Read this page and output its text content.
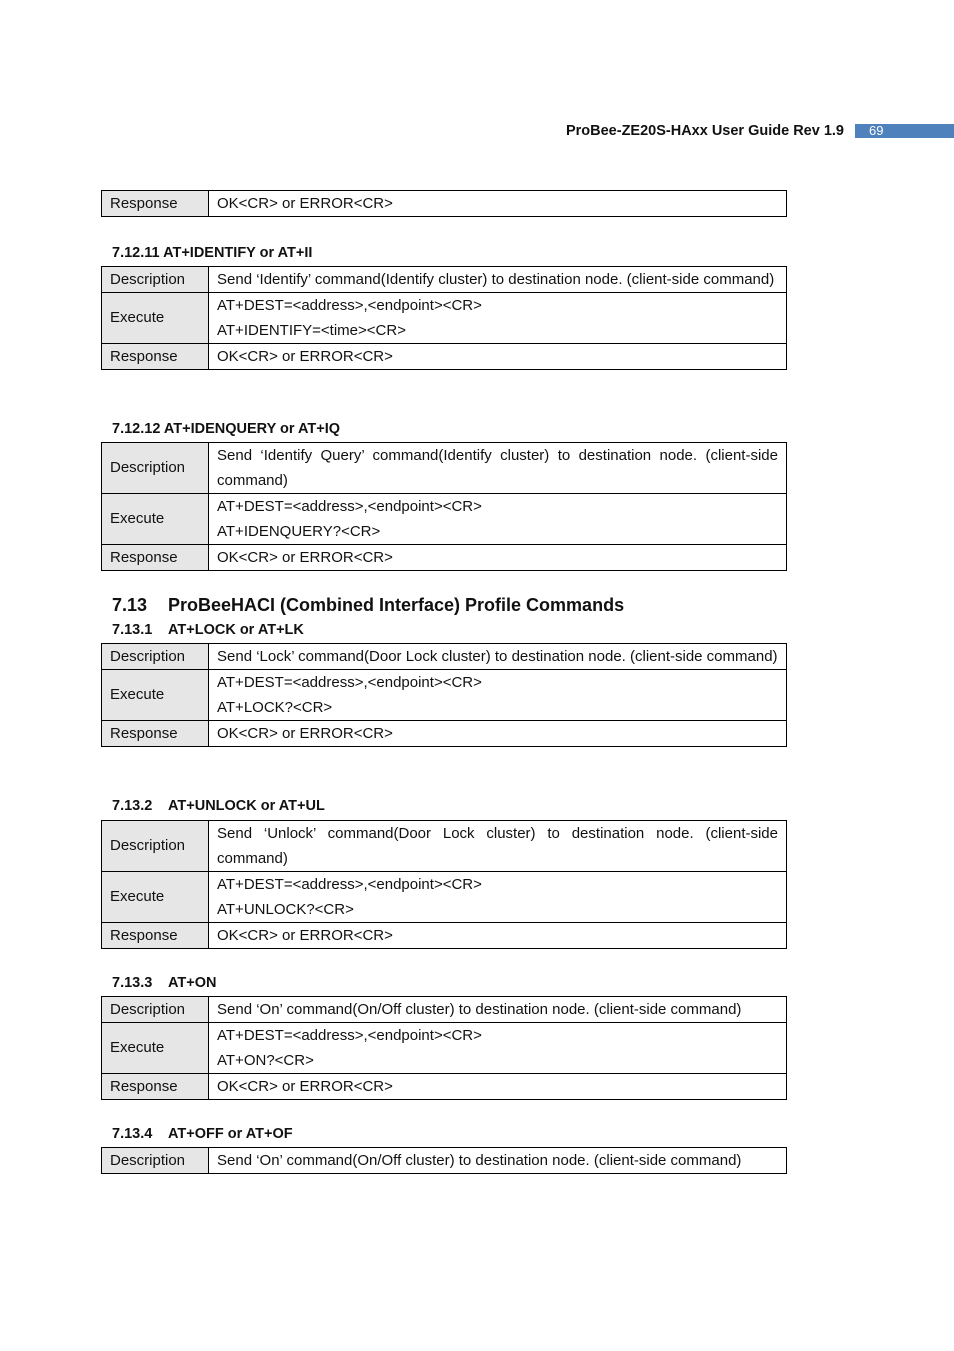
ProBee-ZE20S-HAxx User Guide Rev 1.9	69
Response	OK<CR> or ERROR<CR>
7.12.11 AT+IDENTIFY or AT+II
Description	Send ‘Identify’ command(Identify cluster) to destination node. (client-side command)
Execute	AT+DEST=<address>,<endpoint><CR>
AT+IDENTIFY=<time><CR>

Response	OK<CR> or ERROR<CR>
7.12.12 AT+IDENQUERY or AT+IQ
Description	Send ‘Identify Query’ command(Identify cluster) to destination node. (client-side command)
Execute	AT+DEST=<address>,<endpoint><CR>
AT+IDENQUERY?<CR>

Response	OK<CR> or ERROR<CR>
7.13 ProBeeHACI (Combined Interface) Profile Commands
7.13.1 AT+LOCK or AT+LK
Description	Send ‘Lock’ command(Door Lock cluster) to destination node. (client-side command)
Execute	AT+DEST=<address>,<endpoint><CR>
AT+LOCK?<CR>

Response	OK<CR> or ERROR<CR>
7.13.2 AT+UNLOCK or AT+UL
Description	Send ‘Unlock’ command(Door Lock cluster) to destination node. (client-side command)
Execute	AT+DEST=<address>,<endpoint><CR>
AT+UNLOCK?<CR>

Response	OK<CR> or ERROR<CR>
7.13.3 AT+ON
Description	Send ‘On’ command(On/Off cluster) to destination node. (client-side command)
Execute	AT+DEST=<address>,<endpoint><CR>
AT+ON?<CR>

Response	OK<CR> or ERROR<CR>
7.13.4 AT+OFF or AT+OF
Description	Send ‘On’ command(On/Off cluster) to destination node. (client-side command)
